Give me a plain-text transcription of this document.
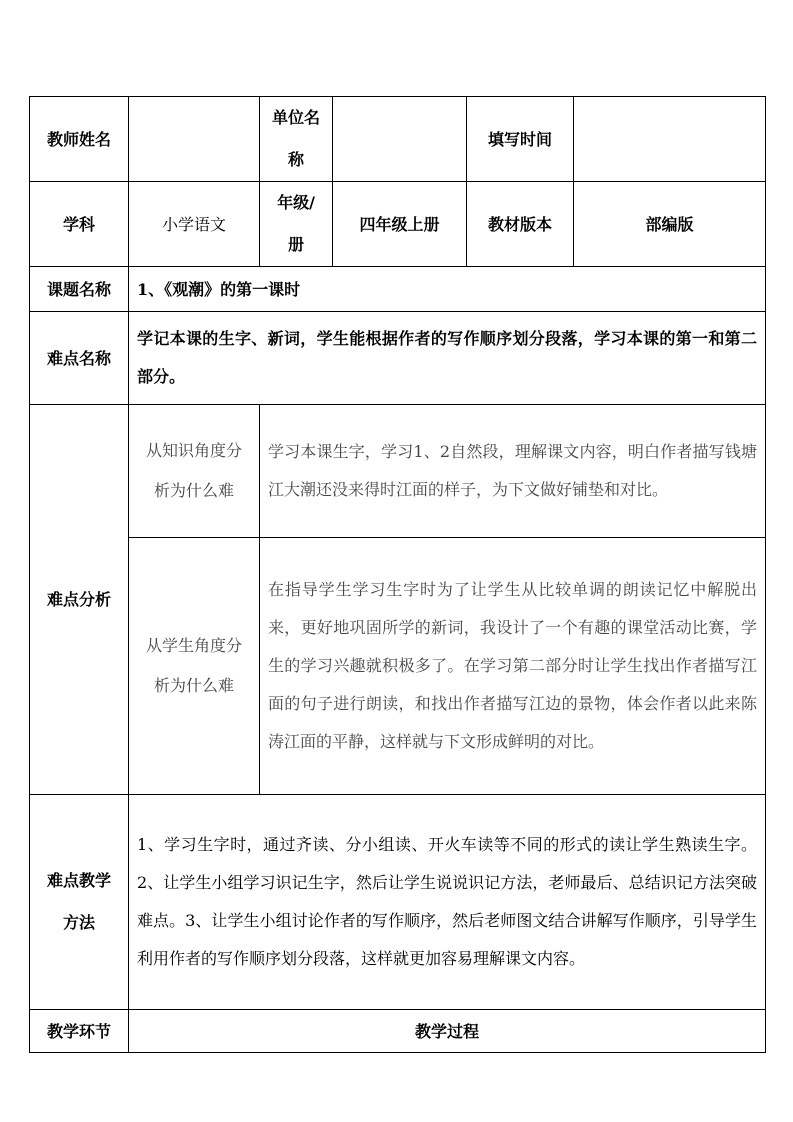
教师姓名		单位名称		填写时间	
学科	小学语文	年级/册	四年级上册	教材版本	部编版
课题名称	1、《观潮》的第一课时				
难点名称	学记本课的生字、新词，学生能根据作者的写作顺序划分段落，学习本课的第一和第二部分。				
难点分析	从知识角度分析为什么难	学习本课生字，学习1、2自然段，理解课文内容，明白作者描写钱塘江大潮还没来得时江面的样子，为下文做好铺垫和对比。			
	从学生角度分析为什么难	在指导学生学习生字时为了让学生从比较单调的朗读记忆中解脱出来，更好地巩固所学的新词，我设计了一个有趣的课堂活动比赛，学生的学习兴趣就积极多了。在学习第二部分时让学生找出作者描写江面的句子进行朗读，和找出作者描写江边的景物，体会作者以此来陈涛江面的平静，这样就与下文形成鲜明的对比。			
难点教学方法	1、学习生字时，通过齐读、分小组读、开火车读等不同的形式的读让学生熟读生字。2、让学生小组学习识记生字，然后让学生说说识记方法，老师最后、总结识记方法突破难点。3、让学生小组讨论作者的写作顺序，然后老师图文结合讲解写作顺序，引导学生利用作者的写作顺序划分段落，这样就更加容易理解课文内容。				
教学环节	教学过程				
